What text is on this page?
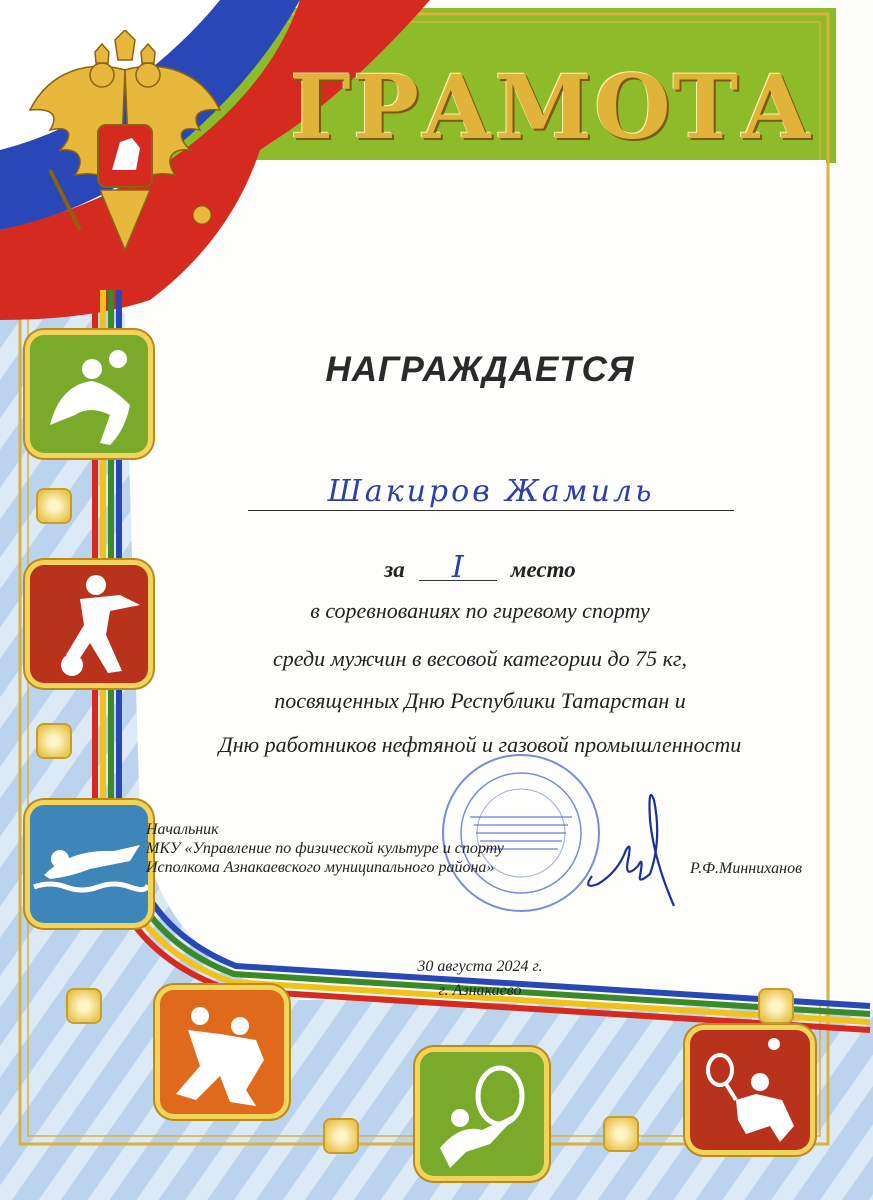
ГРАМОТА
НАГРАЖДАЕТСЯ
Шакиров Жамиль
за I место
в соревнованиях по гиревому спорту
среди мужчин в весовой категории до 75 кг,
посвященных Дню Республики Татарстан и
Дню работников нефтяной и газовой промышленности
Начальник
МКУ «Управление по физической культуре и спорту
Исполкома Азнакаевского муниципального района»	Р.Ф.Минниханов
30 августа 2024 г.
г. Азнакаево
